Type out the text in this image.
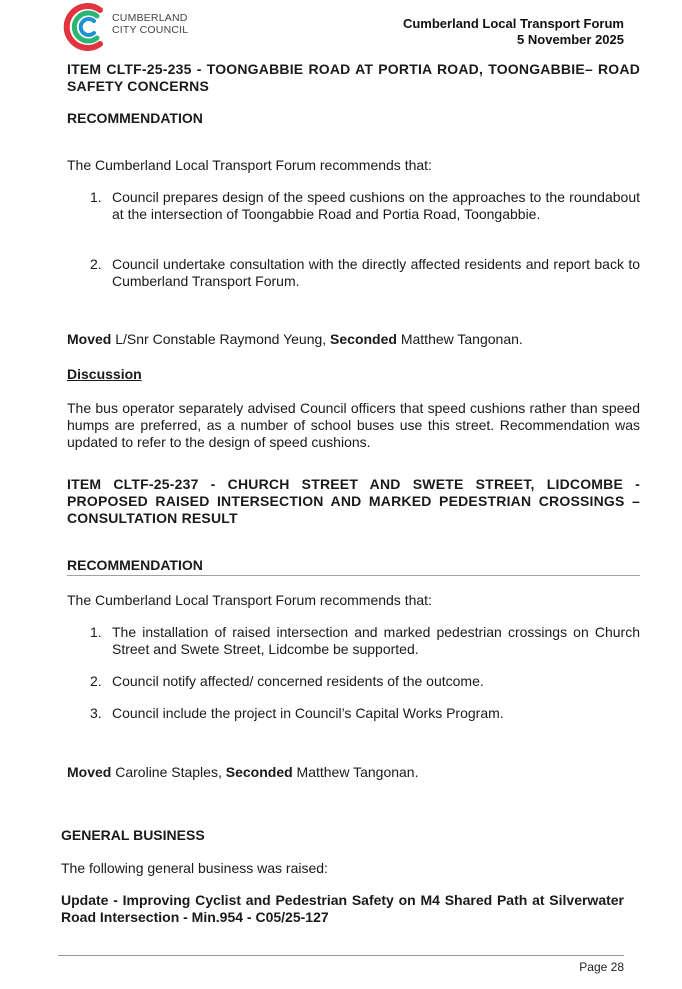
CUMBERLAND
CITY COUNCIL	Cumberland Local Transport Forum
5 November 2025
ITEM CLTF-25-235 - TOONGABBIE ROAD AT PORTIA ROAD, TOONGABBIE– ROAD SAFETY CONCERNS
RECOMMENDATION
The Cumberland Local Transport Forum recommends that:
1. Council prepares design of the speed cushions on the approaches to the roundabout at the intersection of Toongabbie Road and Portia Road, Toongabbie.
2. Council undertake consultation with the directly affected residents and report back to Cumberland Transport Forum.
Moved L/Snr Constable Raymond Yeung, Seconded Matthew Tangonan.
Discussion
The bus operator separately advised Council officers that speed cushions rather than speed humps are preferred, as a number of school buses use this street. Recommendation was updated to refer to the design of speed cushions.
ITEM CLTF-25-237 - CHURCH STREET AND SWETE STREET, LIDCOMBE - PROPOSED RAISED INTERSECTION AND MARKED PEDESTRIAN CROSSINGS – CONSULTATION RESULT
RECOMMENDATION
The Cumberland Local Transport Forum recommends that:
1. The installation of raised intersection and marked pedestrian crossings on Church Street and Swete Street, Lidcombe be supported.
2. Council notify affected/ concerned residents of the outcome.
3. Council include the project in Council’s Capital Works Program.
Moved Caroline Staples, Seconded Matthew Tangonan.
GENERAL BUSINESS
The following general business was raised:
Update - Improving Cyclist and Pedestrian Safety on M4 Shared Path at Silverwater Road Intersection - Min.954 - C05/25-127
Page 28
